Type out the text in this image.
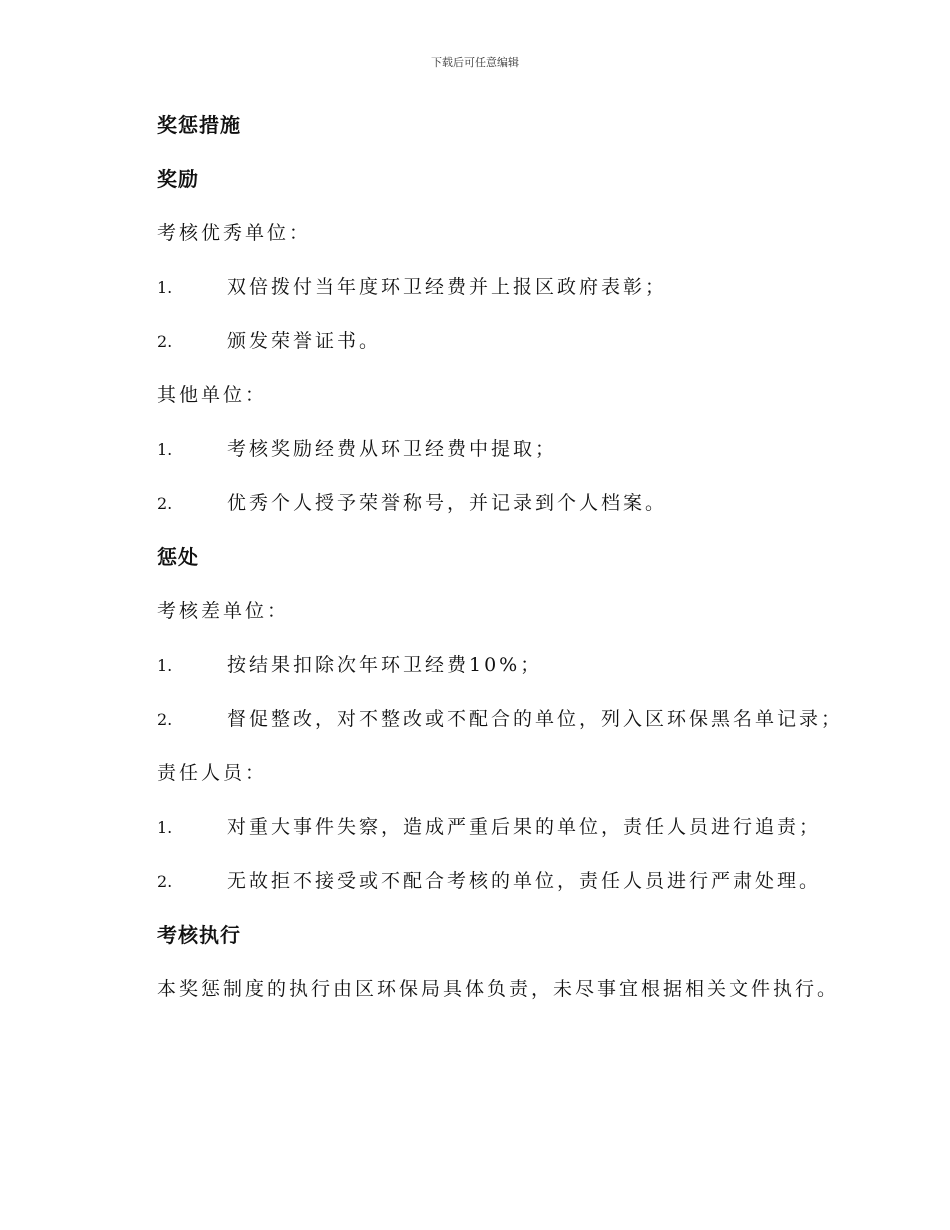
下载后可任意编辑
奖惩措施
奖励
考核优秀单位：
1.	双倍拨付当年度环卫经费并上报区政府表彰；
2.	颁发荣誉证书。
其他单位：
1.	考核奖励经费从环卫经费中提取；
2.	优秀个人授予荣誉称号，并记录到个人档案。
惩处
考核差单位：
1.	按结果扣除次年环卫经费10%；
2.	督促整改，对不整改或不配合的单位，列入区环保黑名单记录；
责任人员：
1.	对重大事件失察，造成严重后果的单位，责任人员进行追责；
2.	无故拒不接受或不配合考核的单位，责任人员进行严肃处理。
考核执行
本奖惩制度的执行由区环保局具体负责，未尽事宜根据相关文件执行。
